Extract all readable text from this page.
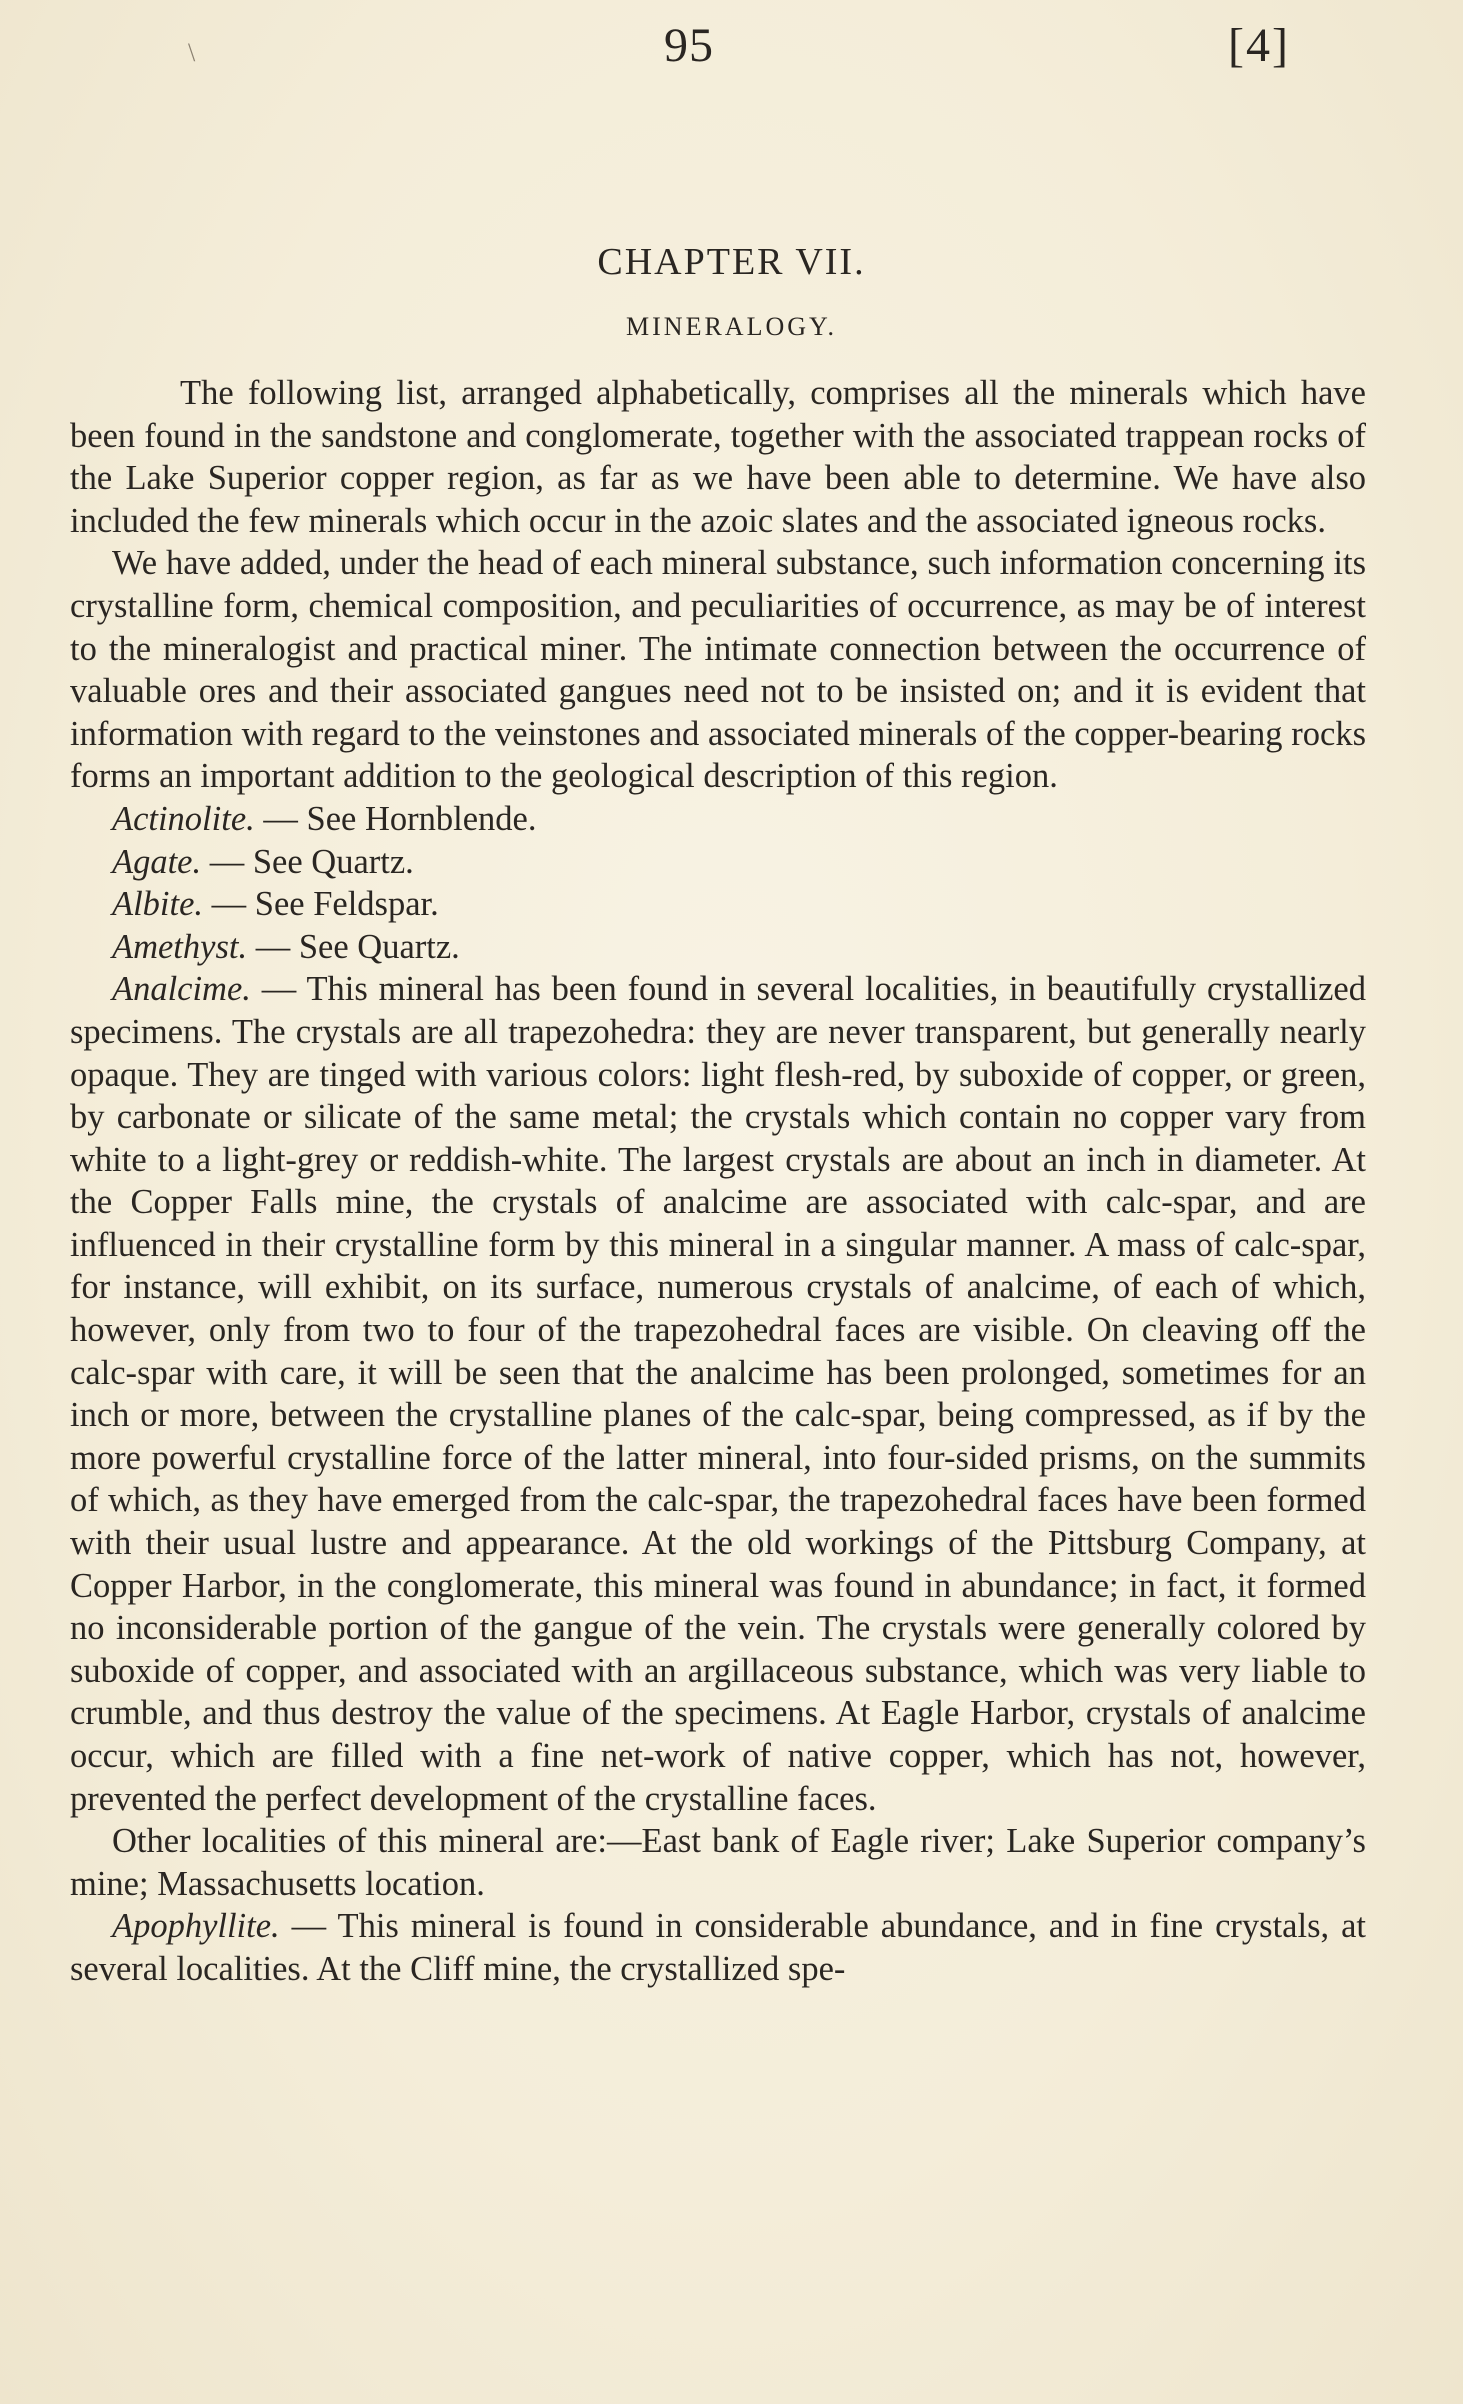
\	95	[4]
CHAPTER VII.
MINERALOGY.

The following list, arranged alphabetically, comprises all the minerals which have been found in the sandstone and conglomerate, together with the associated trappean rocks of the Lake Superior copper region, as far as we have been able to determine. We have also included the few minerals which occur in the azoic slates and the associated igneous rocks.

We have added, under the head of each mineral substance, such information concerning its crystalline form, chemical composition, and peculiarities of occurrence, as may be of interest to the mineralogist and practical miner. The intimate connection between the occurrence of valuable ores and their associated gangues need not to be insisted on; and it is evident that information with regard to the veinstones and associated minerals of the copper-bearing rocks forms an important addition to the geological description of this region.

Actinolite. — See Hornblende.

Agate. — See Quartz.

Albite. — See Feldspar.

Amethyst. — See Quartz.

Analcime. — This mineral has been found in several localities, in beautifully crystallized specimens. The crystals are all trapezohedra: they are never transparent, but generally nearly opaque. They are tinged with various colors: light flesh-red, by suboxide of copper, or green, by carbonate or silicate of the same metal; the crystals which contain no copper vary from white to a light-grey or reddish-white. The largest crystals are about an inch in diameter. At the Copper Falls mine, the crystals of analcime are associated with calc-spar, and are influenced in their crystalline form by this mineral in a singular manner. A mass of calc-spar, for instance, will exhibit, on its surface, numerous crystals of analcime, of each of which, however, only from two to four of the trapezohedral faces are visible. On cleaving off the calc-spar with care, it will be seen that the analcime has been prolonged, sometimes for an inch or more, between the crystalline planes of the calc-spar, being compressed, as if by the more powerful crystalline force of the latter mineral, into four-sided prisms, on the summits of which, as they have emerged from the calc-spar, the trapezohedral faces have been formed with their usual lustre and appearance. At the old workings of the Pittsburg Company, at Copper Harbor, in the conglomerate, this mineral was found in abundance; in fact, it formed no inconsiderable portion of the gangue of the vein. The crystals were generally colored by suboxide of copper, and associated with an argillaceous substance, which was very liable to crumble, and thus destroy the value of the specimens. At Eagle Harbor, crystals of analcime occur, which are filled with a fine net-work of native copper, which has not, however, prevented the perfect development of the crystalline faces.

Other localities of this mineral are:—East bank of Eagle river; Lake Superior company’s mine; Massachusetts location.

Apophyllite. — This mineral is found in considerable abundance, and in fine crystals, at several localities. At the Cliff mine, the crystallized spe-
